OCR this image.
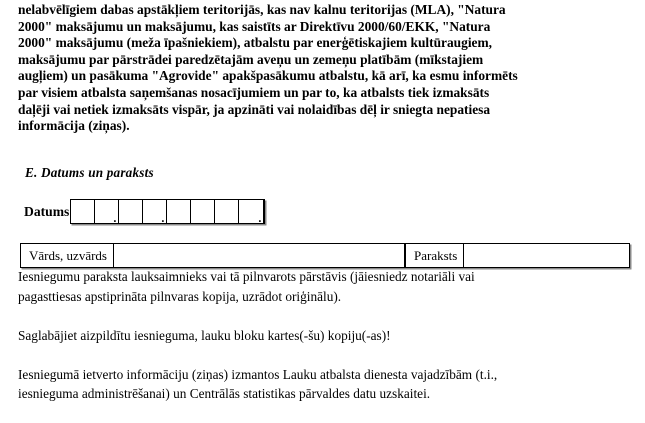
nelabvēlīgiem dabas apstākļiem teritorijās, kas nav kalnu teritorijas (MLA), "Natura

2000" maksājumu un maksājumu, kas saistīts ar Direktīvu 2000/60/EKK, "Natura

2000" maksājumu (meža īpašniekiem), atbalstu par enerģētiskajiem kultūraugiem,

maksājumu par pārstrādei paredzētajām aveņu un zemeņu platībām (mīkstajiem

augļiem) un pasākuma "Agrovide" apakšpasākumu atbalstu, kā arī, ka esmu informēts

par visiem atbalsta saņemšanas nosacījumiem un par to, ka atbalsts tiek izmaksāts

daļēji vai netiek izmaksāts vispār, ja apzināti vai nolaidības dēļ ir sniegta nepatiesa

informācija (ziņas).

E. Datums un paraksts
Datums	.	.	.
Vārds, uzvārds	Paraksts

Iesniegumu paraksta lauksaimnieks vai tā pilnvarots pārstāvis (jāiesniedz notariāli vai
pagasttiesas apstiprināta pilnvaras kopija, uzrādot oriģinālu).

Saglabājiet aizpildītu iesnieguma, lauku bloku kartes(-šu) kopiju(-as)!

Iesniegumā ietverto informāciju (ziņas) izmantos Lauku atbalsta dienesta vajadzībām (t.i.,
iesnieguma administrēšanai) un Centrālās statistikas pārvaldes datu uzskaitei.
